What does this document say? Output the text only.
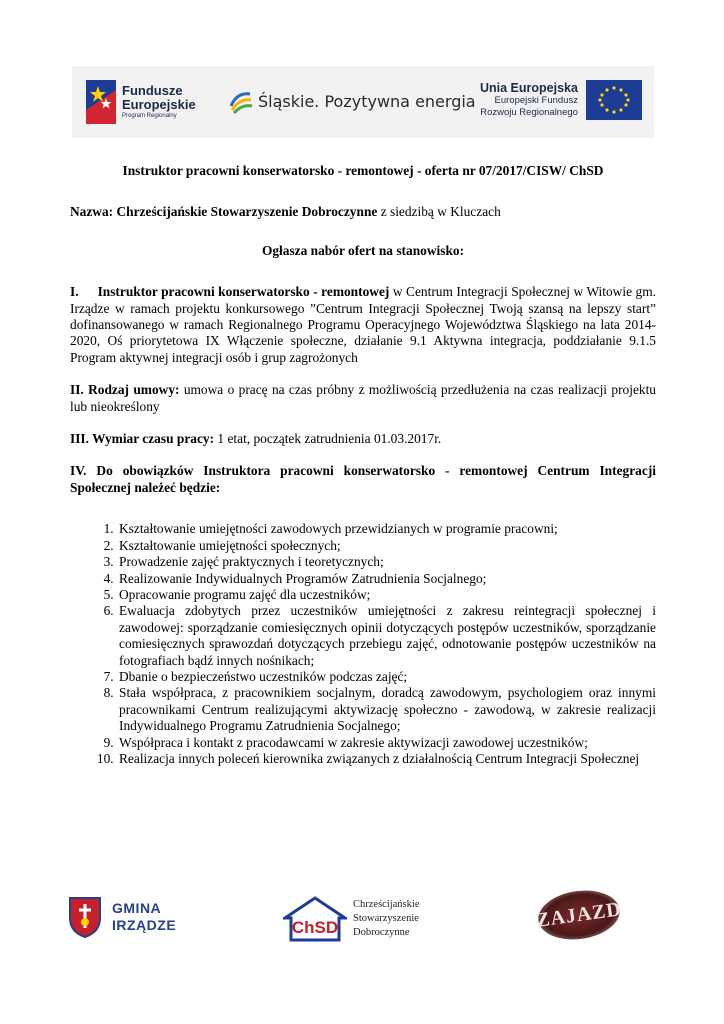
Fundusze
Europejskie
Program Regionalny
Śląskie. Pozytywna energia
Unia Europejska
Europejski Fundusz
Rozwoju Regionalnego

Instruktor pracowni konserwatorsko - remontowej - oferta nr 07/2017/CISW/ ChSD

Nazwa: Chrześcijańskie Stowarzyszenie Dobroczynne z siedzibą w Kluczach

Ogłasza nabór ofert na stanowisko:

I. Instruktor pracowni konserwatorsko - remontowej w Centrum Integracji Społecznej w Witowie gm. Irządze w ramach projektu konkursowego ”Centrum Integracji Społecznej Twoją szansą na lepszy start” dofinansowanego w ramach Regionalnego Programu Operacyjnego Województwa Śląskiego na lata 2014-2020, Oś priorytetowa IX Włączenie społeczne, działanie 9.1 Aktywna integracja, poddziałanie 9.1.5 Program aktywnej integracji osób i grup zagrożonych

II. Rodzaj umowy: umowa o pracę na czas próbny z możliwością przedłużenia na czas realizacji projektu lub nieokreślony

III. Wymiar czasu pracy: 1 etat, początek zatrudnienia 01.03.2017r.

IV. Do obowiązków Instruktora pracowni konserwatorsko - remontowej Centrum Integracji Społecznej należeć będzie:

1. Kształtowanie umiejętności zawodowych przewidzianych w programie pracowni;
2. Kształtowanie umiejętności społecznych;
3. Prowadzenie zajęć praktycznych i teoretycznych;
4. Realizowanie Indywidualnych Programów Zatrudnienia Socjalnego;
5. Opracowanie programu zajęć dla uczestników;
6. Ewaluacja zdobytych przez uczestników umiejętności z zakresu reintegracji społecznej i zawodowej: sporządzanie comiesięcznych opinii dotyczących postępów uczestników, sporządzanie comiesięcznych sprawozdań dotyczących przebiegu zajęć, odnotowanie postępów uczestników na fotografiach bądź innych nośnikach;
7. Dbanie o bezpieczeństwo uczestników podczas zajęć;
8. Stała współpraca, z pracownikiem socjalnym, doradcą zawodowym, psychologiem oraz innymi pracownikami Centrum realizującymi aktywizację społeczno - zawodową, w zakresie realizacji Indywidualnego Programu Zatrudnienia Socjalnego;
9. Współpraca i kontakt z pracodawcami w zakresie aktywizacji zawodowej uczestników;
10. Realizacja innych poleceń kierownika związanych z działalnością Centrum Integracji Społecznej
GMINA
IRZĄDZE	ChSD
Chrześcijańskie
Stowarzyszenie
Dobroczynne
ZAJAZD
